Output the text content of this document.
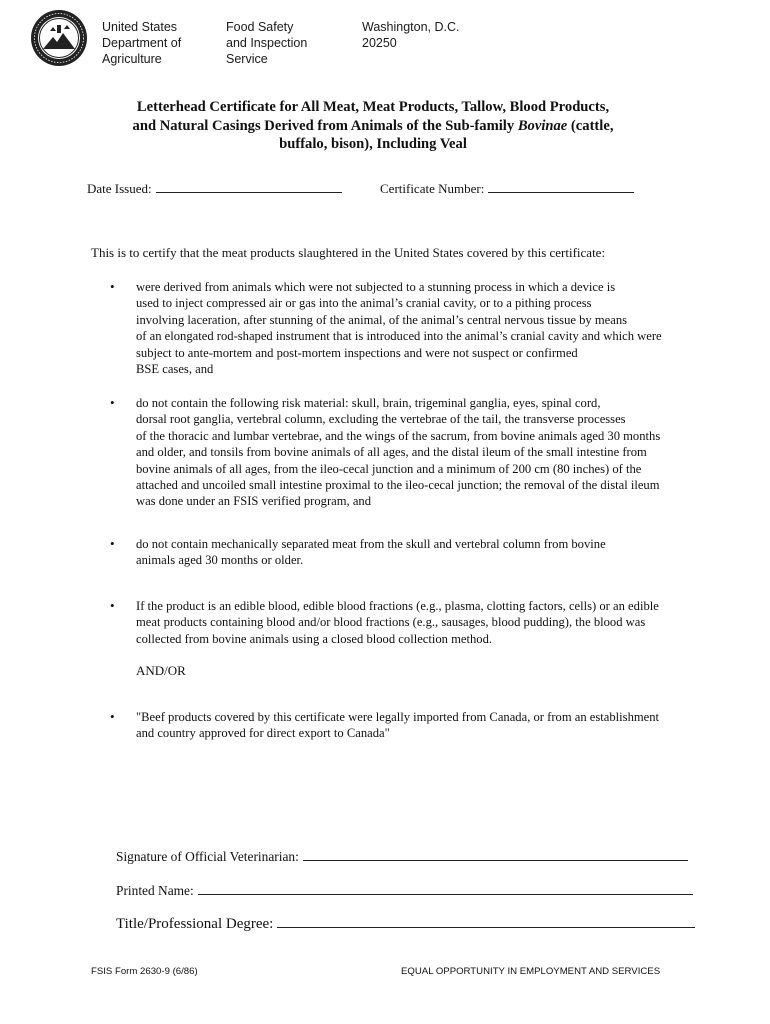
United States
Department of
Agriculture
Food Safety
and Inspection
Service
Washington, D.C.
20250
Letterhead Certificate for All Meat, Meat Products, Tallow, Blood Products,
and Natural Casings Derived from Animals of the Sub-family Bovinae (cattle,
buffalo, bison), Including Veal
Date Issued:	Certificate Number:
This is to certify that the meat products slaughtered in the United States covered by this certificate:
• were derived from animals which were not subjected to a stunning process in which a device is
used to inject compressed air or gas into the animal’s cranial cavity, or to a pithing process
involving laceration, after stunning of the animal, of the animal’s central nervous tissue by means
of an elongated rod-shaped instrument that is introduced into the animal’s cranial cavity and which were
subject to ante-mortem and post-mortem inspections and were not suspect or confirmed
BSE cases, and
• do not contain the following risk material: skull, brain, trigeminal ganglia, eyes, spinal cord,
dorsal root ganglia, vertebral column, excluding the vertebrae of the tail, the transverse processes
of the thoracic and lumbar vertebrae, and the wings of the sacrum, from bovine animals aged 30 months
and older, and tonsils from bovine animals of all ages, and the distal ileum of the small intestine from
bovine animals of all ages, from the ileo-cecal junction and a minimum of 200 cm (80 inches) of the
attached and uncoiled small intestine proximal to the ileo-cecal junction; the removal of the distal ileum
was done under an FSIS verified program, and
• do not contain mechanically separated meat from the skull and vertebral column from bovine
animals aged 30 months or older.
• If the product is an edible blood, edible blood fractions (e.g., plasma, clotting factors, cells) or an edible
meat products containing blood and/or blood fractions (e.g., sausages, blood pudding), the blood was
collected from bovine animals using a closed blood collection method.
AND/OR
• "Beef products covered by this certificate were legally imported from Canada, or from an establishment
and country approved for direct export to Canada"
Signature of Official Veterinarian:
Printed Name:
Title/Professional Degree:
FSIS Form 2630-9 (6/86)	EQUAL OPPORTUNITY IN EMPLOYMENT AND SERVICES
